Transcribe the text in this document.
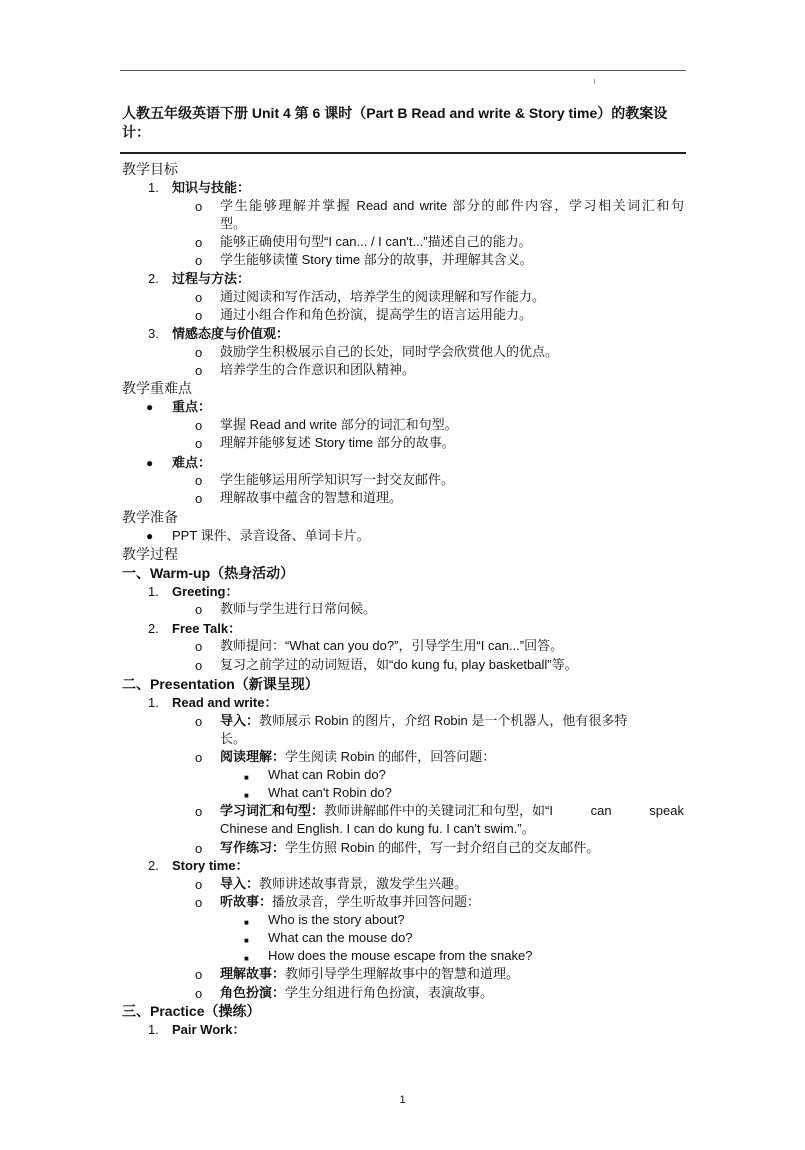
人教五年级英语下册 Unit 4 第 6 课时（Part B Read and write & Story time）的教案设计：
教学目标
1. 知识与技能：
o 学生能够理解并掌握 Read and write 部分的邮件内容，学习相关词汇和句
型。
o 能够正确使用句型“I can... / I can't...”描述自己的能力。
o 学生能够读懂 Story time 部分的故事，并理解其含义。
2. 过程与方法：
o 通过阅读和写作活动，培养学生的阅读理解和写作能力。
o 通过小组合作和角色扮演，提高学生的语言运用能力。
3. 情感态度与价值观：
o 鼓励学生积极展示自己的长处，同时学会欣赏他人的优点。
o 培养学生的合作意识和团队精神。
教学重难点
● 重点：
o 掌握 Read and write 部分的词汇和句型。
o 理解并能够复述 Story time 部分的故事。
● 难点：
o 学生能够运用所学知识写一封交友邮件。
o 理解故事中蕴含的智慧和道理。
教学准备
● PPT 课件、录音设备、单词卡片。
教学过程
一、Warm-up（热身活动）
1. Greeting：
o 教师与学生进行日常问候。
2. Free Talk：
o 教师提问：“What can you do?”，引导学生用“I can...”回答。
o 复习之前学过的动词短语，如“do kung fu, play basketball”等。
二、Presentation（新课呈现）
1. Read and write：
o 导入：教师展示 Robin 的图片，介绍 Robin 是一个机器人，他有很多特
长。
o 阅读理解：学生阅读 Robin 的邮件，回答问题：
■ What can Robin do?
■ What can't Robin do?
o 学习词汇和句型：教师讲解邮件中的关键词汇和句型，如“I	can	speak
Chinese and English. I can do kung fu. I can't swim.”。
o 写作练习：学生仿照 Robin 的邮件，写一封介绍自己的交友邮件。
2. Story time：
o 导入：教师讲述故事背景，激发学生兴趣。
o 听故事：播放录音，学生听故事并回答问题：
■ Who is the story about?
■ What can the mouse do?
■ How does the mouse escape from the snake?
o 理解故事：教师引导学生理解故事中的智慧和道理。
o 角色扮演：学生分组进行角色扮演，表演故事。
三、Practice（操练）
1. Pair Work：
1
